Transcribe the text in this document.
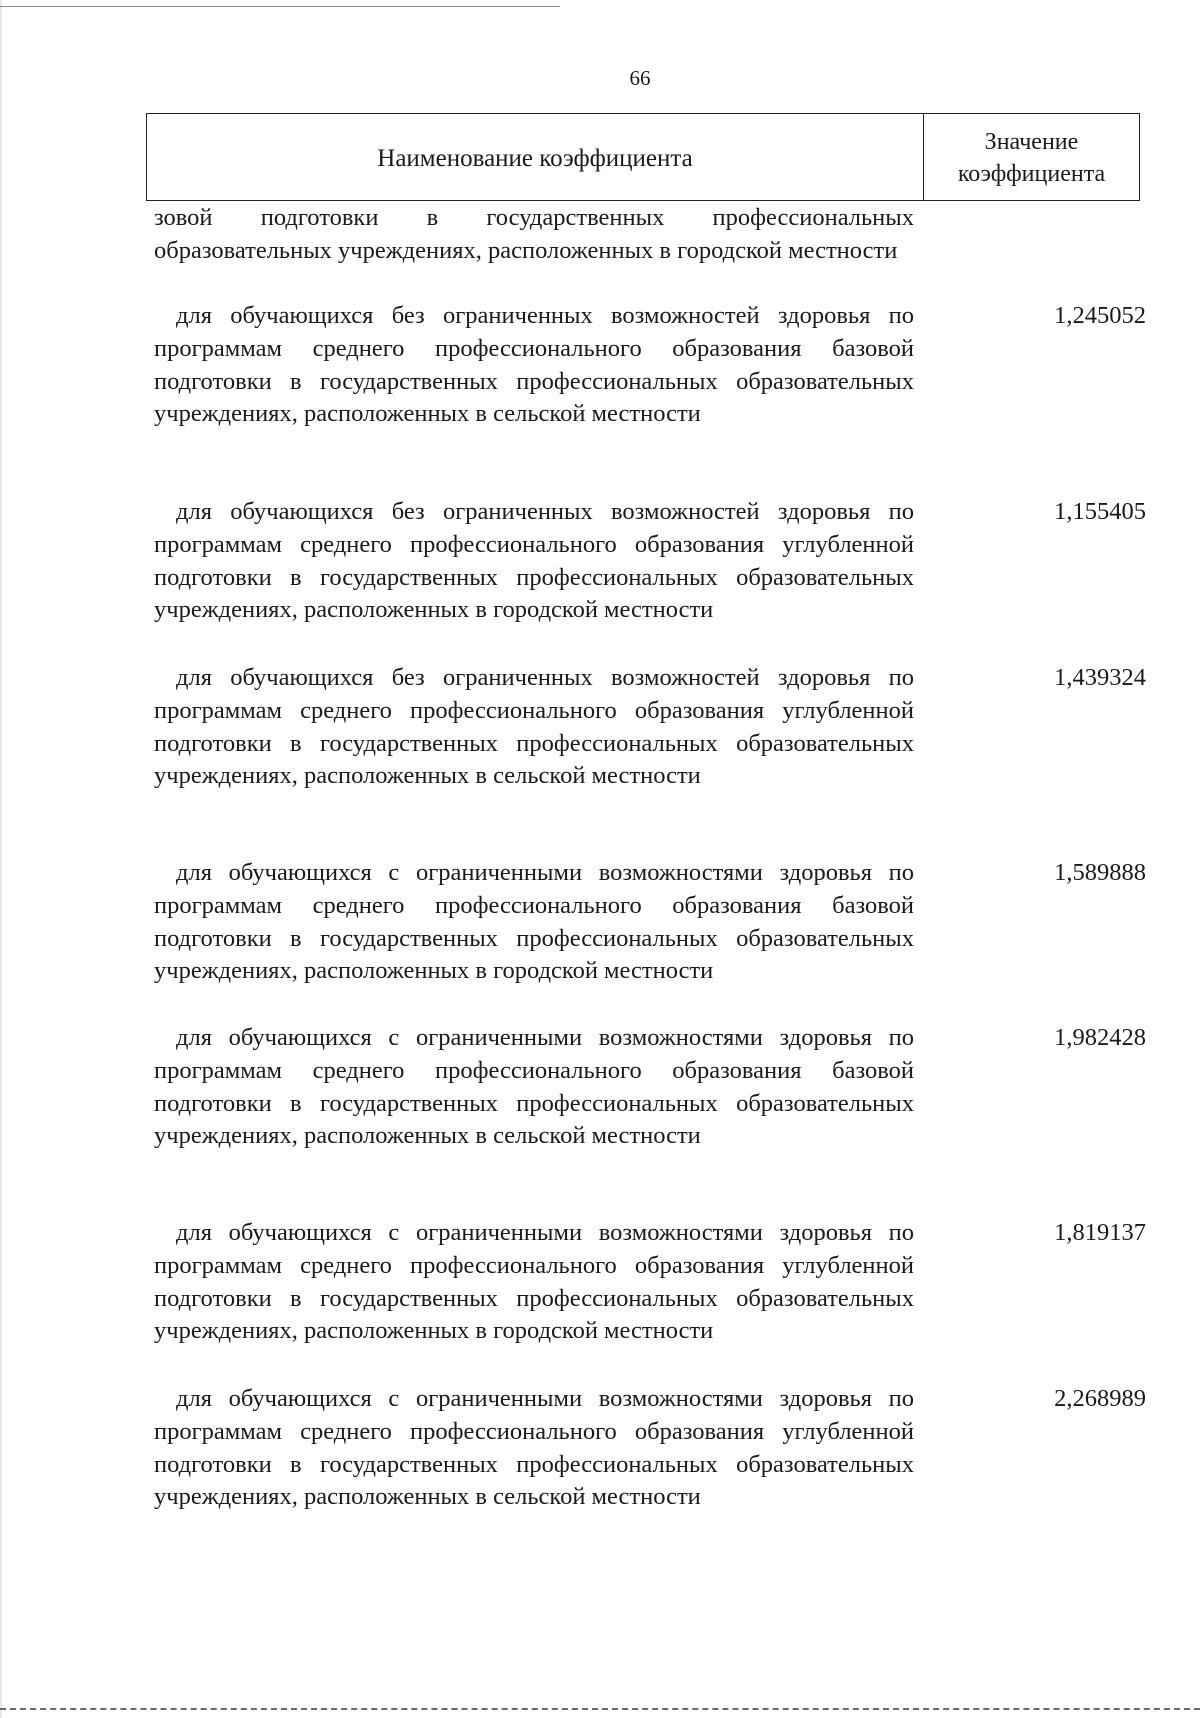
66
Наименование коэффициента
Значение
коэффициента
зовой подготовки в государственных профессиональных образовательных учреждениях, расположенных в городской местности
для обучающихся без ограниченных возможностей здоровья по программам среднего профессионального образования базовой подготовки в государственных профессиональных образовательных учреждениях, расположенных в сельской местности
1,245052
для обучающихся без ограниченных возможностей здоровья по программам среднего профессионального образования углубленной подготовки в государственных профессиональных образовательных учреждениях, расположенных в городской местности
1,155405
для обучающихся без ограниченных возможностей здоровья по программам среднего профессионального образования углубленной подготовки в государственных профессиональных образовательных учреждениях, расположенных в сельской местности
1,439324
для обучающихся с ограниченными возможностями здоровья по программам среднего профессионального образования базовой подготовки в государственных профессиональных образовательных учреждениях, расположенных в городской местности
1,589888
для обучающихся с ограниченными возможностями здоровья по программам среднего профессионального образования базовой подготовки в государственных профессиональных образовательных учреждениях, расположенных в сельской местности
1,982428
для обучающихся с ограниченными возможностями здоровья по программам среднего профессионального образования углубленной подготовки в государственных профессиональных образовательных учреждениях, расположенных в городской местности
1,819137
для обучающихся с ограниченными возможностями здоровья по программам среднего профессионального образования углубленной подготовки в государственных профессиональных образовательных учреждениях, расположенных в сельской местности
2,268989
